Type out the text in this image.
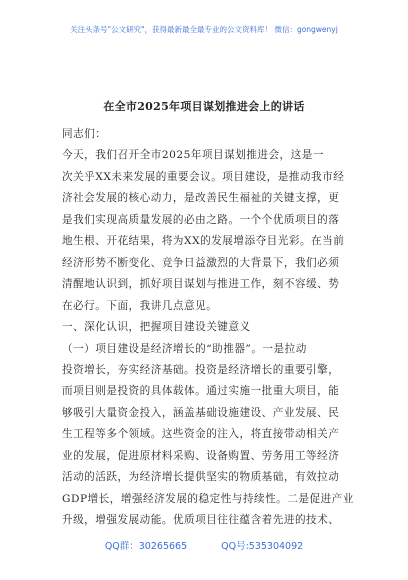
关注头条号"公文研究"，获得最新最全最专业的公文资料库！ 微信：gongwenyj
在全市2025年项目谋划推进会上的讲话

同志们：

今天，我们召开全市2025年项目谋划推进会，这是一

次关乎XX未来发展的重要会议。项目建设，是推动我市经

济社会发展的核心动力，是改善民生福祉的关键支撑，更

是我们实现高质量发展的必由之路。一个个优质项目的落

地生根、开花结果，将为XX的发展增添夺目光彩。在当前

经济形势不断变化、竞争日益激烈的大背景下，我们必须

清醒地认识到，抓好项目谋划与推进工作，刻不容缓、势

在必行。下面，我讲几点意见。

一、深化认识，把握项目建设关键意义

（一）项目建设是经济增长的“助推器”。一是拉动

投资增长，夯实经济基础。投资是经济增长的重要引擎，

而项目则是投资的具体载体。通过实施一批重大项目，能

够吸引大量资金投入，涵盖基础设施建设、产业发展、民

生工程等多个领域。这些资金的注入，将直接带动相关产

业的发展，促进原材料采购、设备购置、劳务用工等经济

活动的活跃，为经济增长提供坚实的物质基础，有效拉动

GDP增长，增强经济发展的稳定性与持续性。二是促进产业

升级，增强发展动能。优质项目往往蕴含着先进的技术、

QQ群：30265665	QQ号:535304092
